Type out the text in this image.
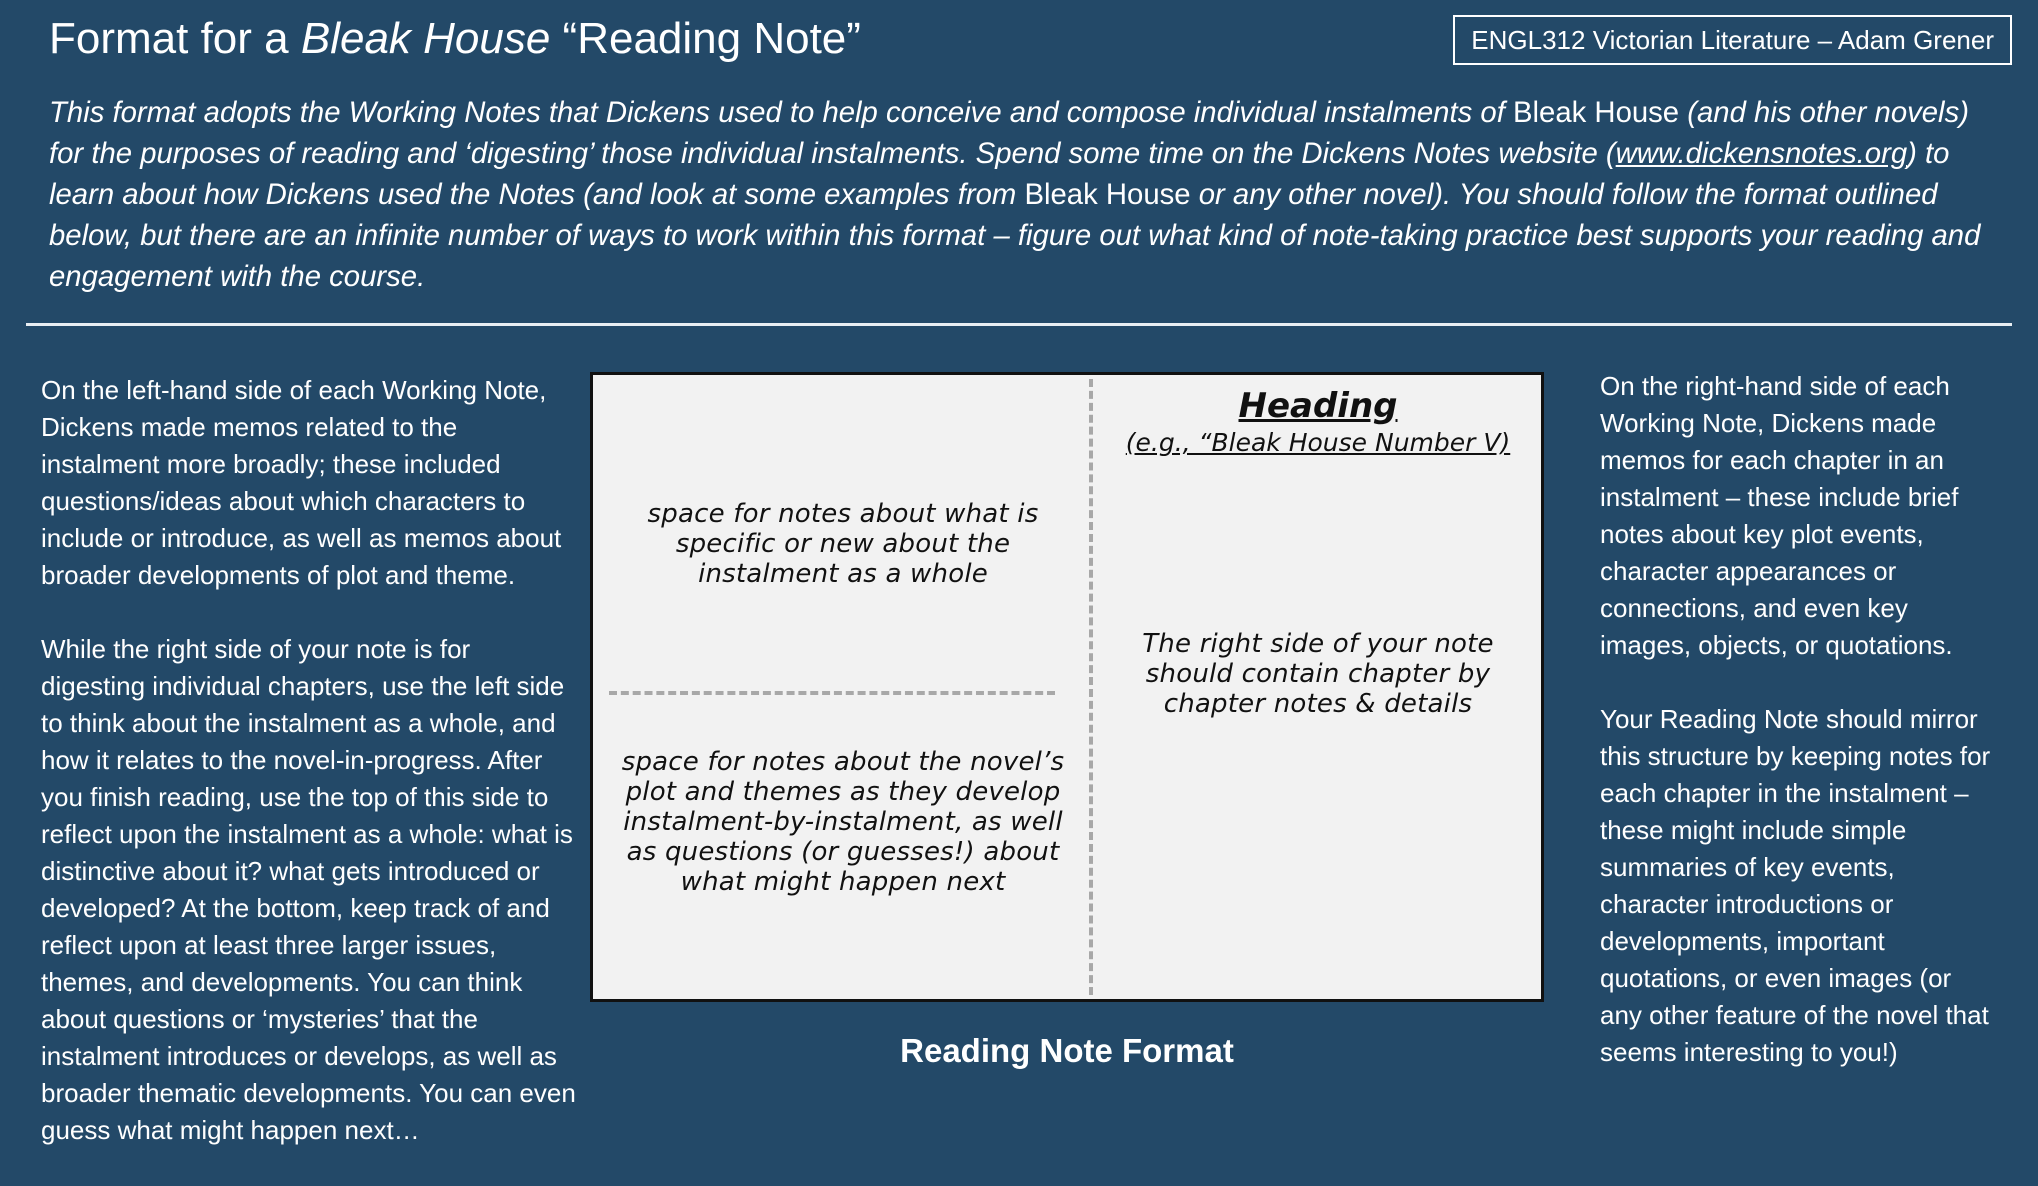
Format for a Bleak House “Reading Note”	ENGL312 Victorian Literature – Adam Grener

This format adopts the Working Notes that Dickens used to help conceive and compose individual instalments of Bleak House (and his other novels) for the purposes of reading and ‘digesting’ those individual instalments. Spend some time on the Dickens Notes website (www.dickensnotes.org) to learn about how Dickens used the Notes (and look at some examples from Bleak House or any other novel). You should follow the format outlined below, but there are an infinite number of ways to work within this format – figure out what kind of note-taking practice best supports your reading and engagement with the course.

On the left-hand side of each Working Note, Dickens made memos related to the instalment more broadly; these included questions/ideas about which characters to include or introduce, as well as memos about broader developments of plot and theme.

While the right side of your note is for digesting individual chapters, use the left side to think about the instalment as a whole, and how it relates to the novel-in-progress. After you finish reading, use the top of this side to reflect upon the instalment as a whole: what is distinctive about it? what gets introduced or developed? At the bottom, keep track of and reflect upon at least three larger issues, themes, and developments. You can think about questions or ‘mysteries’ that the instalment introduces or develops, as well as broader thematic developments. You can even guess what might happen next…

Heading
(e.g., “Bleak House Number V)
space for notes about what is specific or new about the instalment as a whole
space for notes about the novel’s plot and themes as they develop instalment-by-instalment, as well as questions (or guesses!) about what might happen next
The right side of your note should contain chapter by chapter notes & details
Reading Note Format

On the right-hand side of each Working Note, Dickens made memos for each chapter in an instalment – these include brief notes about key plot events, character appearances or connections, and even key images, objects, or quotations.

Your Reading Note should mirror this structure by keeping notes for each chapter in the instalment – these might include simple summaries of key events, character introductions or developments, important quotations, or even images (or any other feature of the novel that seems interesting to you!)
